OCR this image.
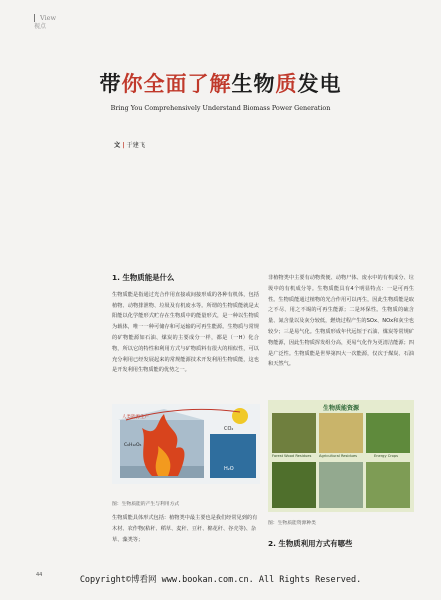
View
视点
带你全面了解生物质发电
Bring You Comprehensively Understand Biomass Power Generation
文 | 于建飞
1. 生物质能是什么

生物质能是指通过光合作用直接或间接形成的各种有机体，包括植物、动物排泄物、垃圾及有机废水等。所谓的生物质能就是太阳能以化学能形式贮存在生物质中的能量形式，是一种以生物质为载体，唯一一种可储存和可运输的可再生能源。生物质与常规的矿物能源如石油、煤炭的主要成分一样，都是（一H）化合物，所以它的特性和利用方式与矿物质料有很大的相似性，可以充分利用已经发展起来的常规能源技术开发利用生物质能，这也是开发利用生物质能的优势之一。

人类能源生产
CO₂
C₆H₁₂O₆
H₂O
图：生物质能的产生与利用方式
生物质能具体形式包括：植物类中最主要也是我们经常见到的有木材、农作物(秸秆、稻草、麦秆、豆秆、棉花秆、谷壳等)、杂草、藻类等；

非植物类中主要有动物粪便、动物尸体、废水中的有机成分、垃圾中的有机成分等。生物质能具有4个明显特点：一是可再生性。生物质能通过植物的光合作用可以再生，因此生物质能是取之不尽、用之不竭的可再生能源；二是环保性。生物质的硫含量、氮含量以及灰分较低，燃烧过程产生的SOx、NOx和灰尘也较少；三是易气化。生物质形成年代远短于石油、煤炭等常规矿物能源，因此生物质挥发组分高，更易气化作为更清洁能源；四是广泛性。生物质能是世界第四大一次能源，仅次于煤炭、石油和天然气。

生物质能资源
Forest Wood Residues Agricultural Residues	Energy Crops
图：生物质能资源种类
2. 生物质利用方式有哪些
44	Copyright©博看网 www.bookan.com.cn. All Rights Reserved.
